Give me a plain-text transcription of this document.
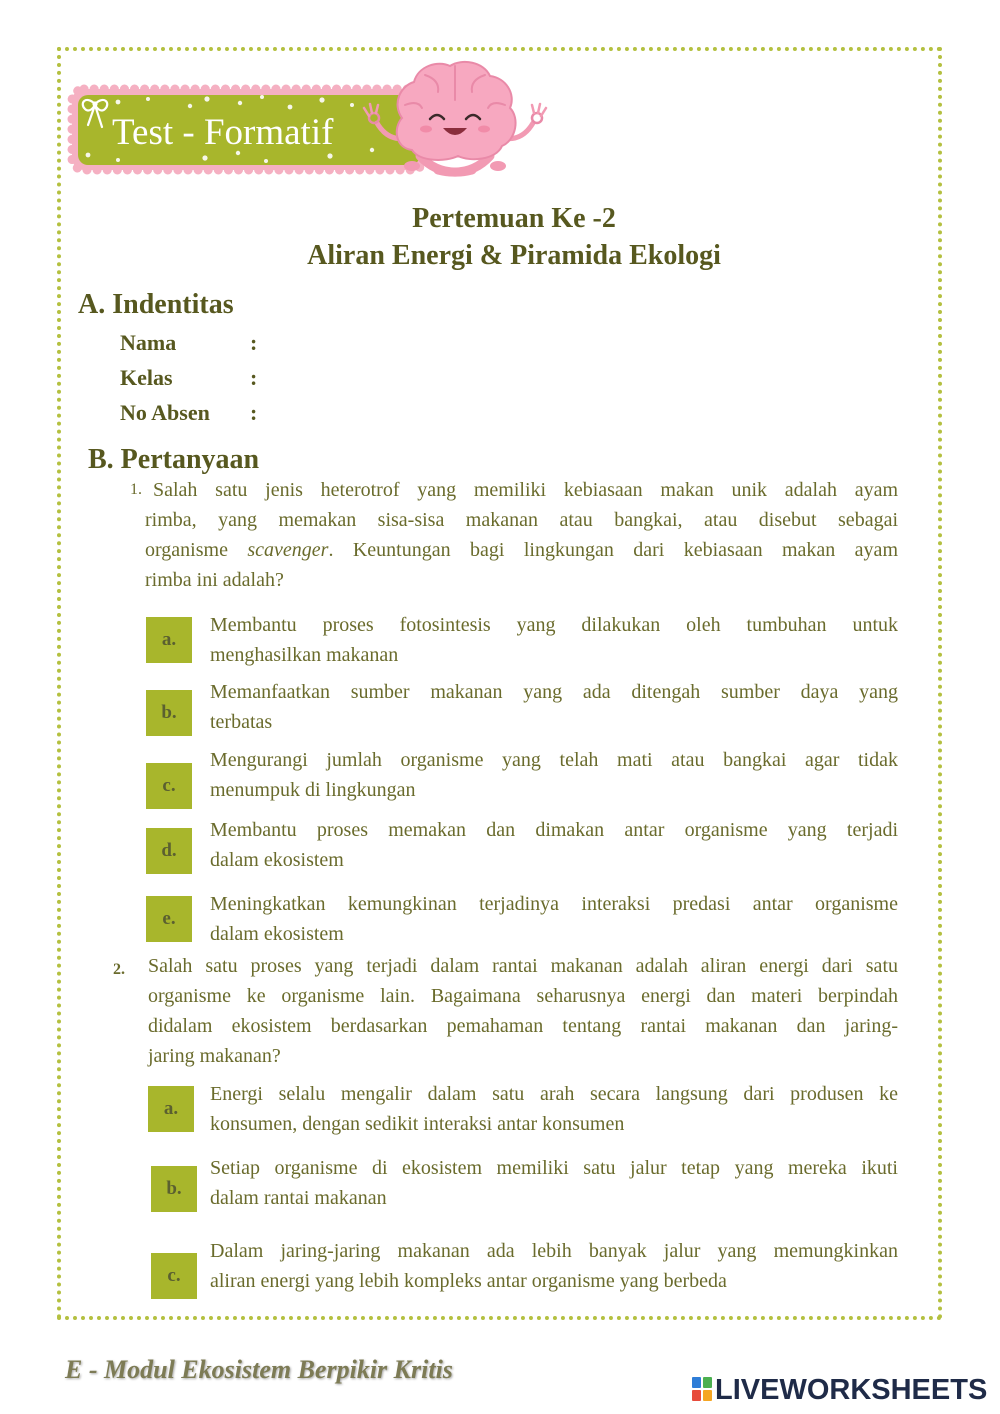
Test - Formatif
Pertemuan Ke -2
Aliran Energi & Piramida Ekologi
A. Indentitas
Nama	:
Kelas	:
No Absen :
B. Pertanyaan
1. Salah satu jenis heterotrof yang memiliki kebiasaan makan unik adalah ayam
rimba, yang memakan sisa-sisa makanan atau bangkai, atau disebut sebagai
organisme scavenger. Keuntungan bagi lingkungan dari kebiasaan makan ayam
rimba ini adalah?
a.
Membantu proses fotosintesis yang dilakukan oleh tumbuhan untuk
menghasilkan makanan
b.
Memanfaatkan sumber makanan yang ada ditengah sumber daya yang
terbatas
c.
Mengurangi jumlah organisme yang telah mati atau bangkai agar tidak
menumpuk di lingkungan
d.
Membantu proses memakan dan dimakan antar organisme yang terjadi
dalam ekosistem
e.
Meningkatkan kemungkinan terjadinya interaksi predasi antar organisme
dalam ekosistem
2. Salah satu proses yang terjadi dalam rantai makanan adalah aliran energi dari satu
organisme ke organisme lain. Bagaimana seharusnya energi dan materi berpindah
didalam ekosistem berdasarkan pemahaman tentang rantai makanan dan jaring-
jaring makanan?
a.
Energi selalu mengalir dalam satu arah secara langsung dari produsen ke
konsumen, dengan sedikit interaksi antar konsumen
b.
Setiap organisme di ekosistem memiliki satu jalur tetap yang mereka ikuti
dalam rantai makanan
c.
Dalam jaring-jaring makanan ada lebih banyak jalur yang memungkinkan
aliran energi yang lebih kompleks antar organisme yang berbeda
E - Modul Ekosistem Berpikir Kritis
LIVEWORKSHEETS
